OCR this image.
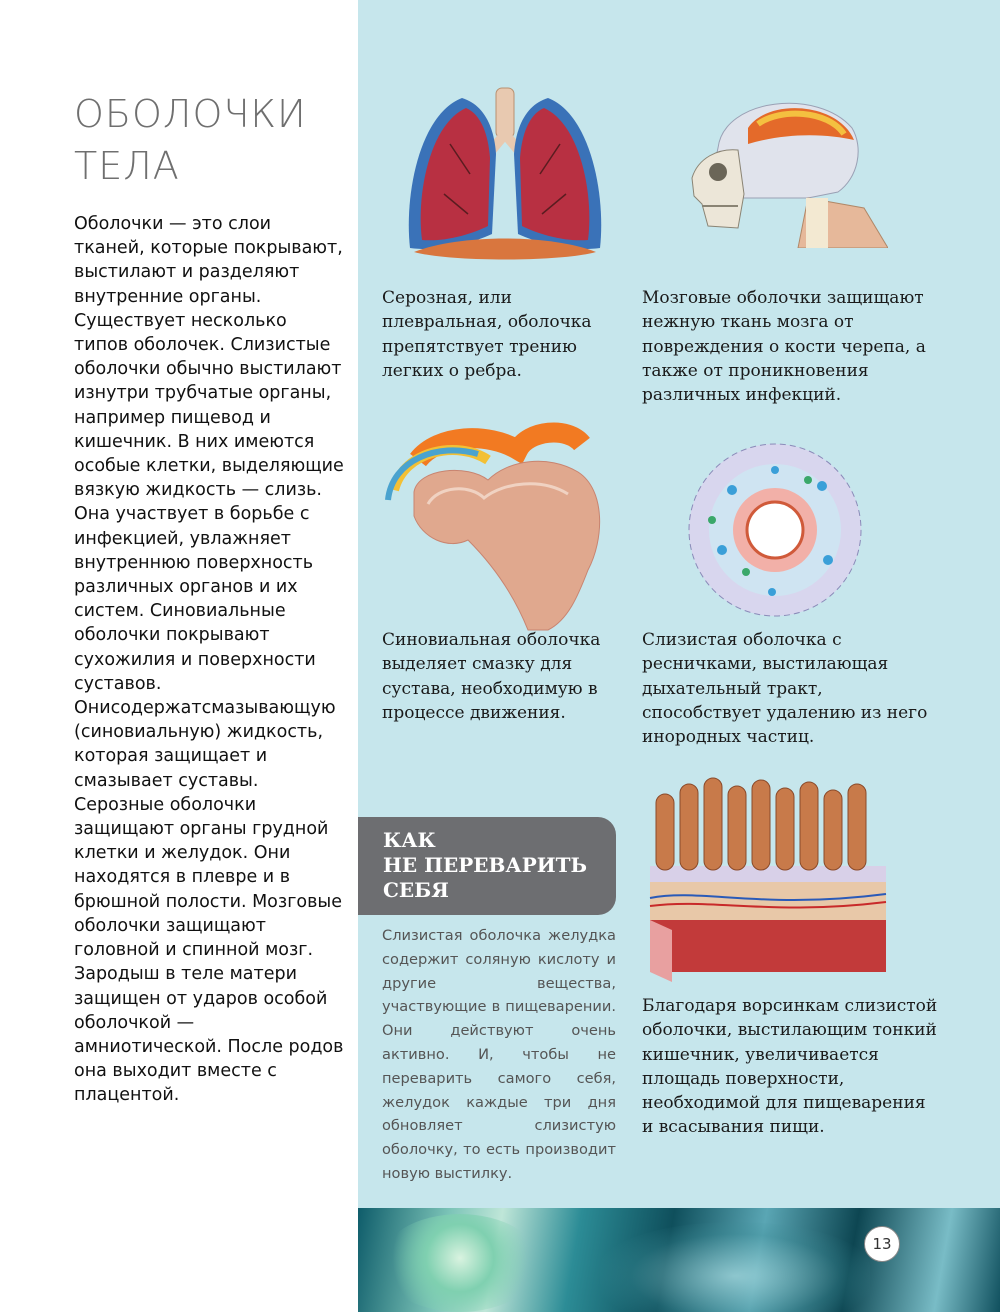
ОБОЛОЧКИ
ТЕЛА

Оболочки — это слои тканей, которые покрывают, выстилают и разделяют внутренние органы. Существует несколько типов оболочек. Слизистые оболочки обычно выстилают изнутри трубчатые органы, например пищевод и кишечник. В них имеются особые клетки, выделяющие вязкую жидкость — слизь. Она участвует в борьбе с инфекцией, увлажняет внутреннюю поверхность различных органов и их систем. Синовиальные оболочки покрывают сухожилия и поверхности суставов. Онисодержатсмазывающую (синовиальную) жидкость, которая защищает и смазывает суставы. Серозные оболочки защищают органы грудной клетки и желудок. Они находятся в плевре и в брюшной полости. Мозговые оболочки защищают головной и спинной мозг. Зародыш в теле матери защищен от ударов особой оболочкой — амниотической. После родов она выходит вместе с плацентой.

Серозная, или плевральная, оболочка препятствует трению легких о ребра.

Мозговые оболочки защищают нежную ткань мозга от повреждения о кости черепа, а также от проникновения различных инфекций.

Синовиальная оболочка выделяет смазку для сустава, необходимую в процессе движения.

Слизистая оболочка с ресничками, выстилающая дыхательный тракт, способствует удалению из него инородных частиц.

КАК
НЕ ПЕРЕВАРИТЬ
СЕБЯ

Слизистая оболочка желудка содержит соляную кислоту и другие вещества, участвующие в пищеварении. Они действуют очень активно. И, чтобы не переварить самого себя, желудок каждые три дня обновляет слизистую оболочку, то есть производит новую выстилку.

Благодаря ворсинкам слизистой оболочки, выстилающим тонкий кишечник, увеличивается площадь поверхности, необходимой для пищеварения и всасывания пищи.

13
